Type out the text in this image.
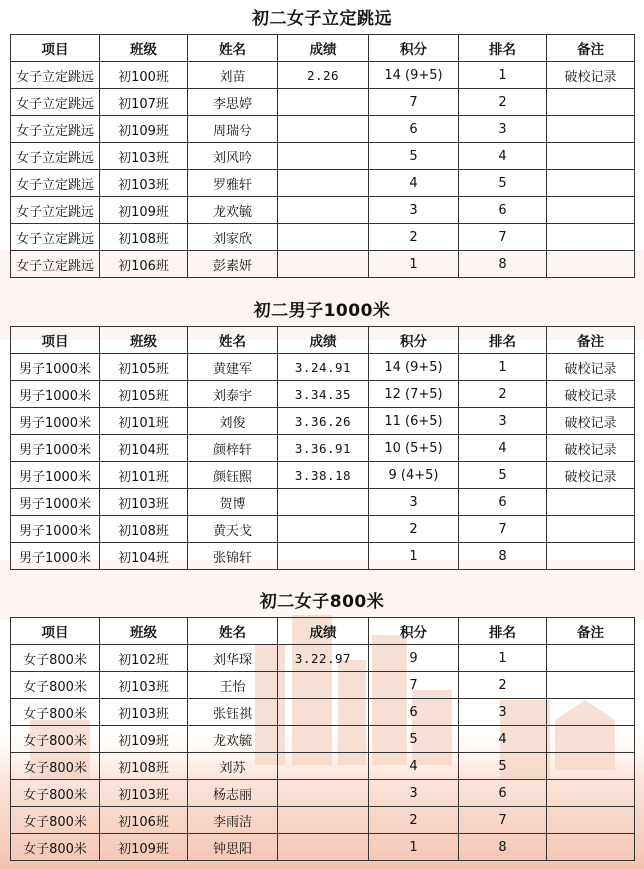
初二女子立定跳远
项目	班级	姓名	成绩	积分	排名	备注
女子立定跳远	初100班	刘苗	2.26	14 (9+5)	1	破校记录
女子立定跳远	初107班	李思婷		7	2	
女子立定跳远	初109班	周瑞兮		6	3	
女子立定跳远	初103班	刘风吟		5	4	
女子立定跳远	初103班	罗雅轩		4	5	
女子立定跳远	初109班	龙欢毓		3	6	
女子立定跳远	初108班	刘家欣		2	7	
女子立定跳远	初106班	彭素妍		1	8	
初二男子1000米
项目	班级	姓名	成绩	积分	排名	备注
男子1000米	初105班	黄建军	3.24.91	14 (9+5)	1	破校记录
男子1000米	初105班	刘泰宇	3.34.35	12 (7+5)	2	破校记录
男子1000米	初101班	刘俊	3.36.26	11 (6+5)	3	破校记录
男子1000米	初104班	颜梓轩	3.36.91	10 (5+5)	4	破校记录
男子1000米	初101班	颜钰熙	3.38.18	9 (4+5)	5	破校记录
男子1000米	初103班	贺博		3	6	
男子1000米	初108班	黄天戈		2	7	
男子1000米	初104班	张锦轩		1	8	
初二女子800米
项目	班级	姓名	成绩	积分	排名	备注
女子800米	初102班	刘华琛	3.22.97	9	1	
女子800米	初103班	王怡		7	2	
女子800米	初103班	张钰祺		6	3	
女子800米	初109班	龙欢毓		5	4	
女子800米	初108班	刘苏		4	5	
女子800米	初103班	杨志丽		3	6	
女子800米	初106班	李雨洁		2	7	
女子800米	初109班	钟思阳		1	8	
